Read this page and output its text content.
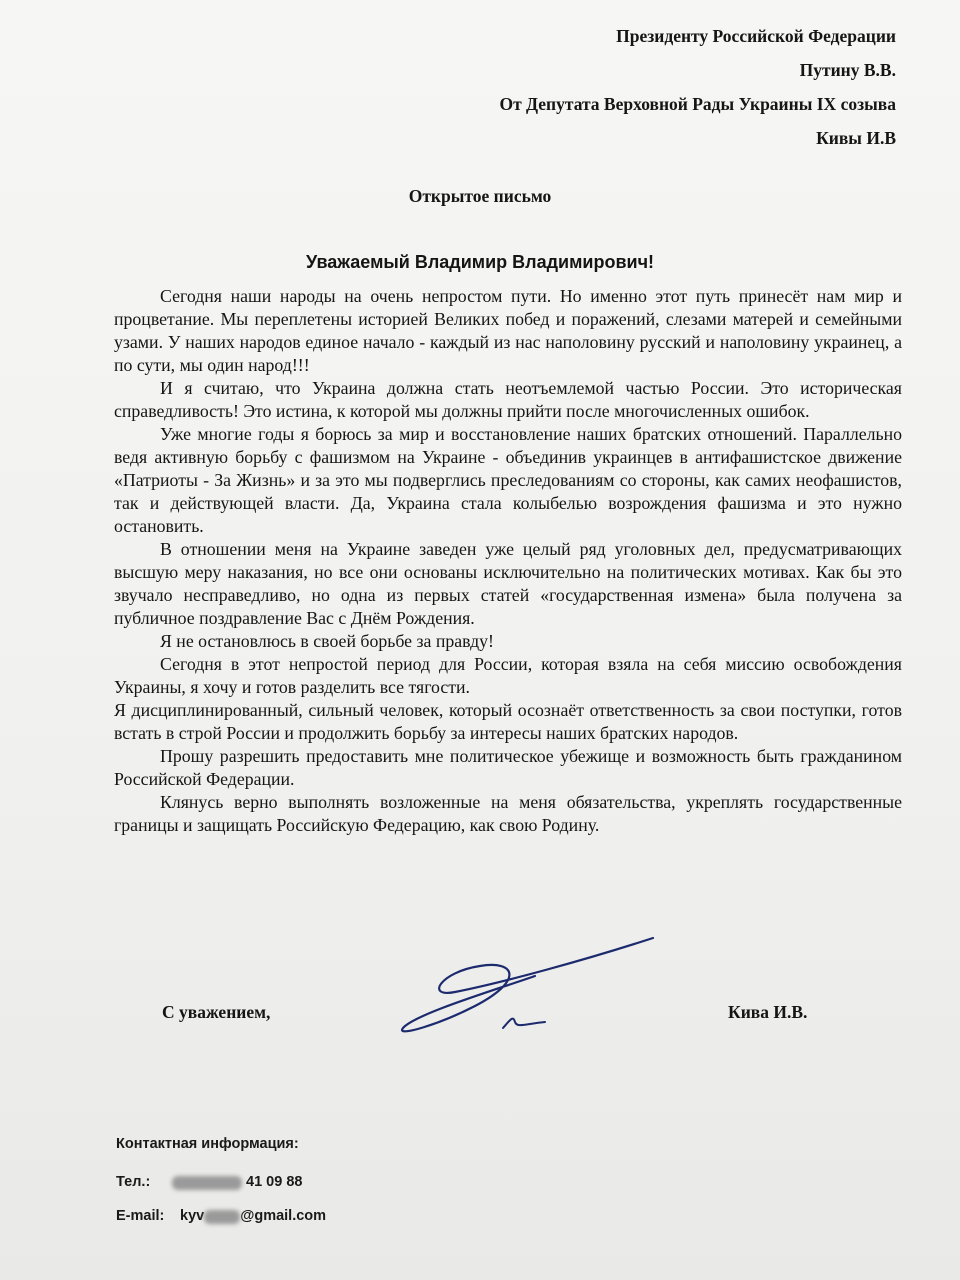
Президенту Российской Федерации
Путину В.В.
От Депутата Верховной Рады Украины IX созыва
Кивы И.В
Открытое письмо
Уважаемый Владимир Владимирович!

Сегодня наши народы на очень непростом пути. Но именно этот путь принесёт нам мир и процветание. Мы переплетены историей Великих побед и поражений, слезами матерей и семейными узами. У наших народов единое начало - каждый из нас наполовину русский и наполовину украинец, а по сути, мы один народ!!!

И я считаю, что Украина должна стать неотъемлемой частью России. Это историческая справедливость! Это истина, к которой мы должны прийти после многочисленных ошибок.

Уже многие годы я борюсь за мир и восстановление наших братских отношений. Параллельно ведя активную борьбу с фашизмом на Украине - объединив украинцев в антифашистское движение «Патриоты - За Жизнь» и за это мы подверглись преследованиям со стороны, как самих неофашистов, так и действующей власти. Да, Украина стала колыбелью возрождения фашизма и это нужно остановить.

В отношении меня на Украине заведен уже целый ряд уголовных дел, предусматривающих высшую меру наказания, но все они основаны исключительно на политических мотивах. Как бы это звучало несправедливо, но одна из первых статей «государственная измена» была получена за публичное поздравление Вас с Днём Рождения.

Я не остановлюсь в своей борьбе за правду!

Сегодня в этот непростой период для России, которая взяла на себя миссию освобождения Украины, я хочу и готов разделить все тягости.

Я дисциплинированный, сильный человек, который осознаёт ответственность за свои поступки, готов встать в строй России и продолжить борьбу за интересы наших братских народов.

Прошу разрешить предоставить мне политическое убежище и возможность быть гражданином Российской Федерации.

Клянусь верно выполнять возложенные на меня обязательства, укреплять государственные границы и защищать Российскую Федерацию, как свою Родину.

С уважением,	Кива И.В.
Контактная информация:
Тел.:	41 09 88
E-mail:	kyv @gmail.com
